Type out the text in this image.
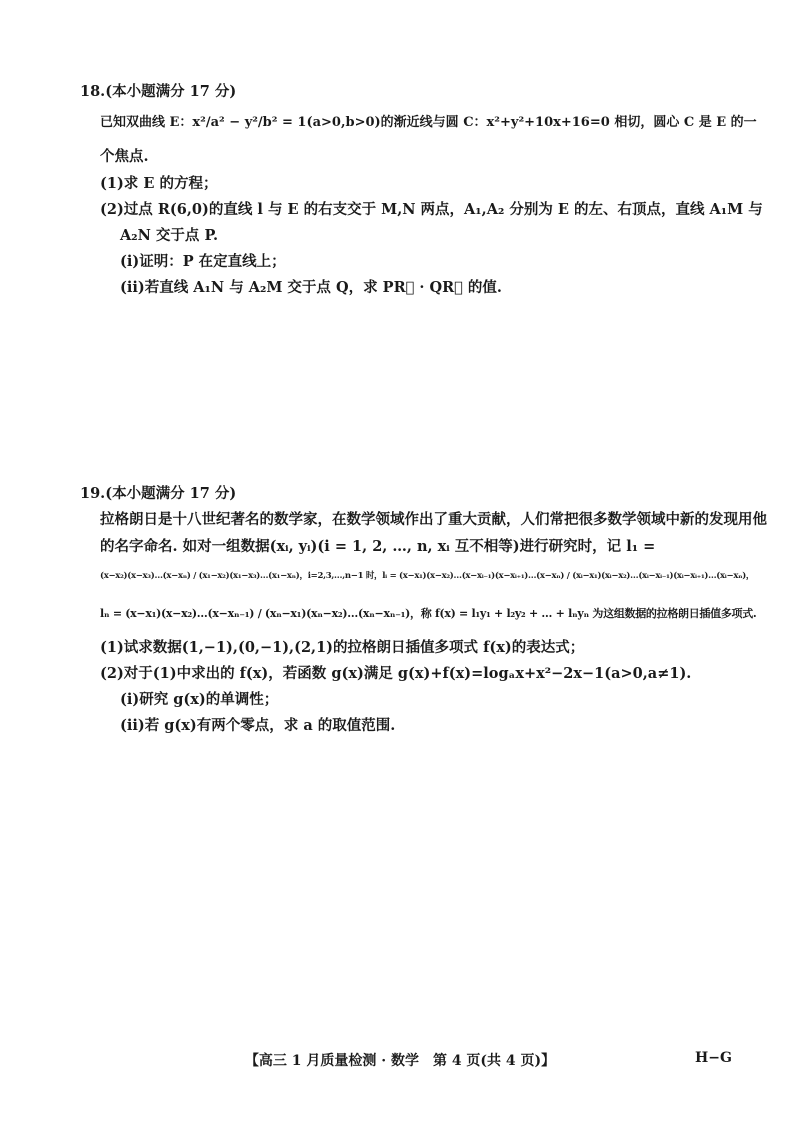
18.(本小题满分 17 分)
已知双曲线 E：x²/a² − y²/b² = 1(a>0,b>0)的渐近线与圆 C：x²+y²+10x+16=0 相切，圆心 C 是 E 的一
个焦点.
(1)求 E 的方程；
(2)过点 R(6,0)的直线 l 与 E 的右支交于 M,N 两点，A₁,A₂ 分别为 E 的左、右顶点，直线 A₁M 与
A₂N 交于点 P.
(ⅰ)证明：P 在定直线上；
(ⅱ)若直线 A₁N 与 A₂M 交于点 Q，求 PR⃗ · QR⃗ 的值.
19.(本小题满分 17 分)
拉格朗日是十八世纪著名的数学家，在数学领域作出了重大贡献，人们常把很多数学领域中新的发现用他
的名字命名. 如对一组数据(xᵢ, yᵢ)(i = 1, 2, …, n, xᵢ 互不相等)进行研究时，记 l₁ =
(x−x₂)(x−x₃)…(x−xₙ) / (x₁−x₂)(x₁−x₃)…(x₁−xₙ)，i=2,3,…,n−1 时，lᵢ = (x−x₁)(x−x₂)…(x−xᵢ₋₁)(x−xᵢ₊₁)…(x−xₙ) / (xᵢ−x₁)(xᵢ−x₂)…(xᵢ−xᵢ₋₁)(xᵢ−xᵢ₊₁)…(xᵢ−xₙ)，
lₙ = (x−x₁)(x−x₂)…(x−xₙ₋₁) / (xₙ−x₁)(xₙ−x₂)…(xₙ−xₙ₋₁)，称 f(x) = l₁y₁ + l₂y₂ + … + lₙyₙ 为这组数据的拉格朗日插值多项式.
(1)试求数据(1,−1),(0,−1),(2,1)的拉格朗日插值多项式 f(x)的表达式；
(2)对于(1)中求出的 f(x)，若函数 g(x)满足 g(x)+f(x)=logₐx+x²−2x−1(a>0,a≠1).
(ⅰ)研究 g(x)的单调性；
(ⅱ)若 g(x)有两个零点，求 a 的取值范围.
【高三 1 月质量检测 · 数学　第 4 页(共 4 页)】	H−G
